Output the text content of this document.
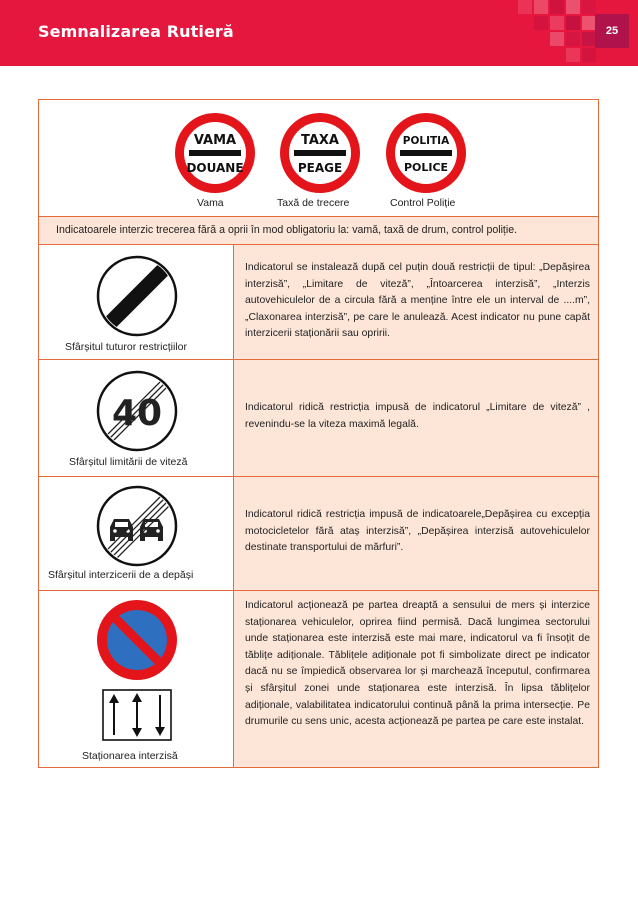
Semnalizarea Rutieră	25
VAMA
DOUANE
TAXA
PEAGE
POLITIA
POLICE
Vama	Taxă de trecere	Control Poliție
Indicatoarele interzic trecerea fără a oprii în mod obligatoriu la: vamă, taxă de drum, control poliție.
Sfârșitul tuturor restricțiilor
Indicatorul se instalează după cel puțin două restricții de tipul: „Depășirea interzisă”, „Limitare de viteză”, „Întoarcerea interzisă”, „Interzis autovehiculelor de a circula fără a menține între ele un interval de ....m”, „Claxonarea interzisă”, pe care le anulează. Acest indicator nu pune capăt interzicerii staționării sau opririi.
40
Sfârșitul limitării de viteză
Indicatorul ridică restricția impusă de indicatorul „Limitare de viteză” , revenindu-se la viteza maximă legală.
Sfârșitul interzicerii de a depăși
Indicatorul ridică restricția impusă de indicatoarele„Depășirea cu excepția motocicletelor fără ataș interzisă”, „Depășirea interzisă autovehiculelor destinate transportului de mărfuri”.
Staționarea interzisă
Indicatorul acționează pe partea dreaptă a sensului de mers și interzice staționarea vehiculelor, oprirea fiind permisă. Dacă lungimea sectorului unde staționarea este interzisă este mai mare, indicatorul va fi însoțit de tăblițe adiționale. Tăblițele adiționale pot fi simbolizate direct pe indicator dacă nu se împiedică observarea lor și marchează începutul, confirmarea și sfârșitul zonei unde staționarea este interzisă. În lipsa tăblițelor adiționale, valabilitatea indicatorului continuă până la prima intersecție. Pe drumurile cu sens unic, acesta acționează pe partea pe care este instalat.
